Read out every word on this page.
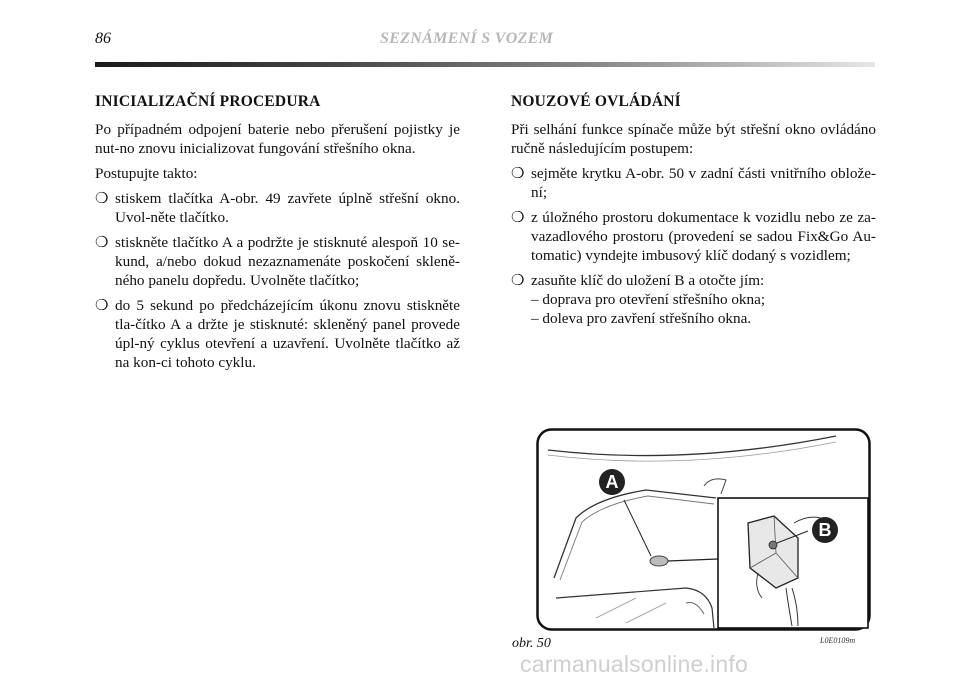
86	SEZNÁMENÍ S VOZEM
INICIALIZAČNÍ PROCEDURA

Po případném odpojení baterie nebo přerušení pojistky je nut-no znovu inicializovat fungování střešního okna.

Postupujte takto:

❍ stiskem tlačítka A-obr. 49 zavřete úplně střešní okno. Uvol-něte tlačítko.
❍ stiskněte tlačítko A a podržte je stisknuté alespoň 10 se-kund, a/nebo dokud nezaznamenáte poskočení skleně-ného panelu dopředu. Uvolněte tlačítko;
❍ do 5 sekund po předcházejícím úkonu znovu stiskněte tla-čítko A a držte je stisknuté: skleněný panel provede úpl-ný cyklus otevření a uzavření. Uvolněte tlačítko až na kon-ci tohoto cyklu.
NOUZOVÉ OVLÁDÁNÍ

Při selhání funkce spínače může být střešní okno ovládáno ručně následujícím postupem:

❍ sejměte krytku A-obr. 50 v zadní části vnitřního oblože-ní;
❍ z úložného prostoru dokumentace k vozidlu nebo ze za-vazadlového prostoru (provedení se sadou Fix&Go Au-tomatic) vyndejte imbusový klíč dodaný s vozidlem;
❍ zasuňte klíč do uložení B a otočte jím:
– doprava pro otevření střešního okna;
– doleva pro zavření střešního okna.
A
B
obr. 50	L0E0109m
carmanualsonline.info
